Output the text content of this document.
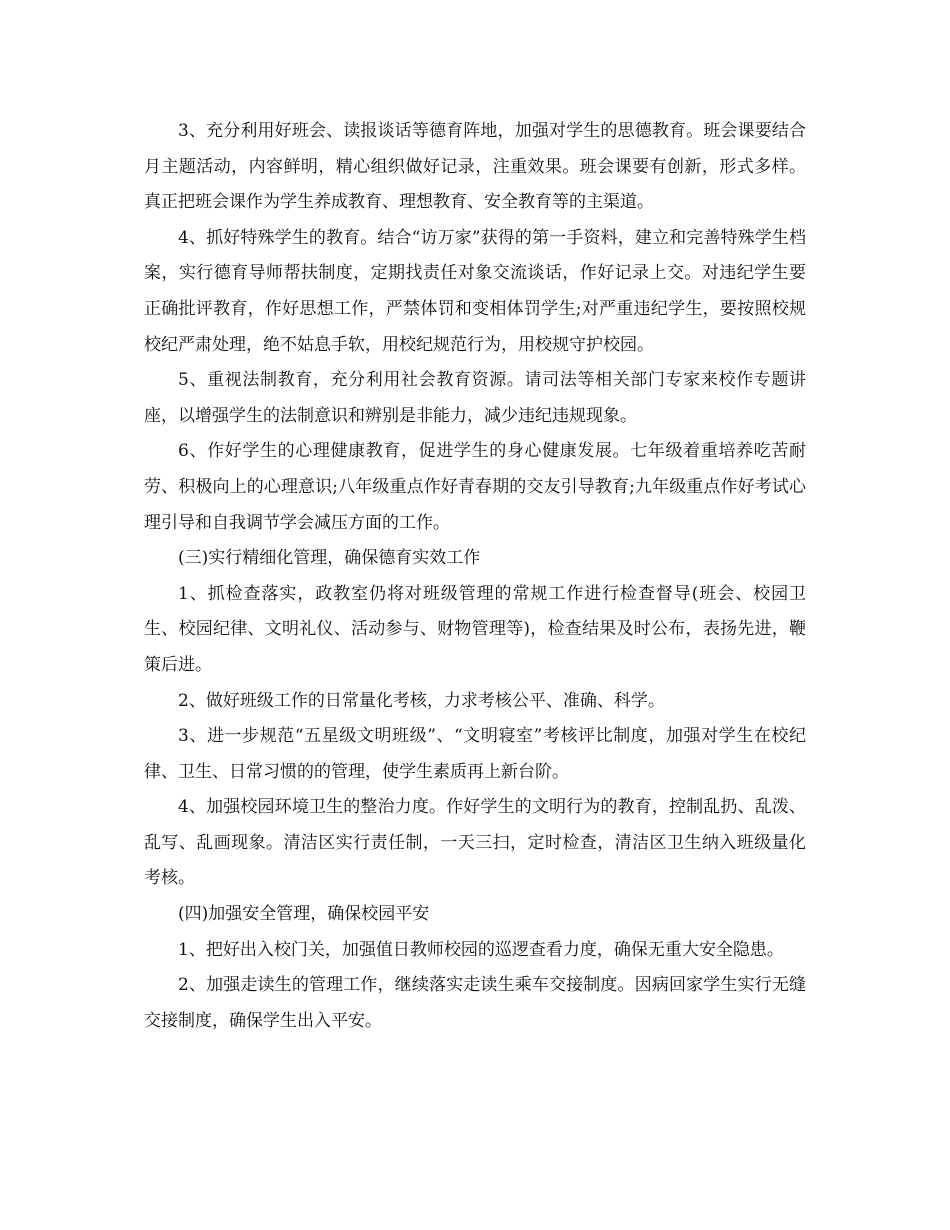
3、充分利用好班会、读报谈话等德育阵地，加强对学生的思德教育。班会课要结合月主题活动，内容鲜明，精心组织做好记录，注重效果。班会课要有创新，形式多样。真正把班会课作为学生养成教育、理想教育、安全教育等的主渠道。

4、抓好特殊学生的教育。结合“访万家”获得的第一手资料，建立和完善特殊学生档案，实行德育导师帮扶制度，定期找责任对象交流谈话，作好记录上交。对违纪学生要正确批评教育，作好思想工作，严禁体罚和变相体罚学生;对严重违纪学生，要按照校规校纪严肃处理，绝不姑息手软，用校纪规范行为，用校规守护校园。

5、重视法制教育，充分利用社会教育资源。请司法等相关部门专家来校作专题讲座，以增强学生的法制意识和辨别是非能力，减少违纪违规现象。

6、作好学生的心理健康教育，促进学生的身心健康发展。七年级着重培养吃苦耐劳、积极向上的心理意识;八年级重点作好青春期的交友引导教育;九年级重点作好考试心理引导和自我调节学会减压方面的工作。

(三)实行精细化管理，确保德育实效工作

1、抓检查落实，政教室仍将对班级管理的常规工作进行检查督导(班会、校园卫生、校园纪律、文明礼仪、活动参与、财物管理等)，检查结果及时公布，表扬先进，鞭策后进。

2、做好班级工作的日常量化考核，力求考核公平、准确、科学。

3、进一步规范“五星级文明班级”、“文明寝室”考核评比制度，加强对学生在校纪律、卫生、日常习惯的的管理，使学生素质再上新台阶。

4、加强校园环境卫生的整治力度。作好学生的文明行为的教育，控制乱扔、乱泼、乱写、乱画现象。清洁区实行责任制，一天三扫，定时检查，清洁区卫生纳入班级量化考核。

(四)加强安全管理，确保校园平安

1、把好出入校门关，加强值日教师校园的巡逻查看力度，确保无重大安全隐患。

2、加强走读生的管理工作，继续落实走读生乘车交接制度。因病回家学生实行无缝交接制度，确保学生出入平安。
